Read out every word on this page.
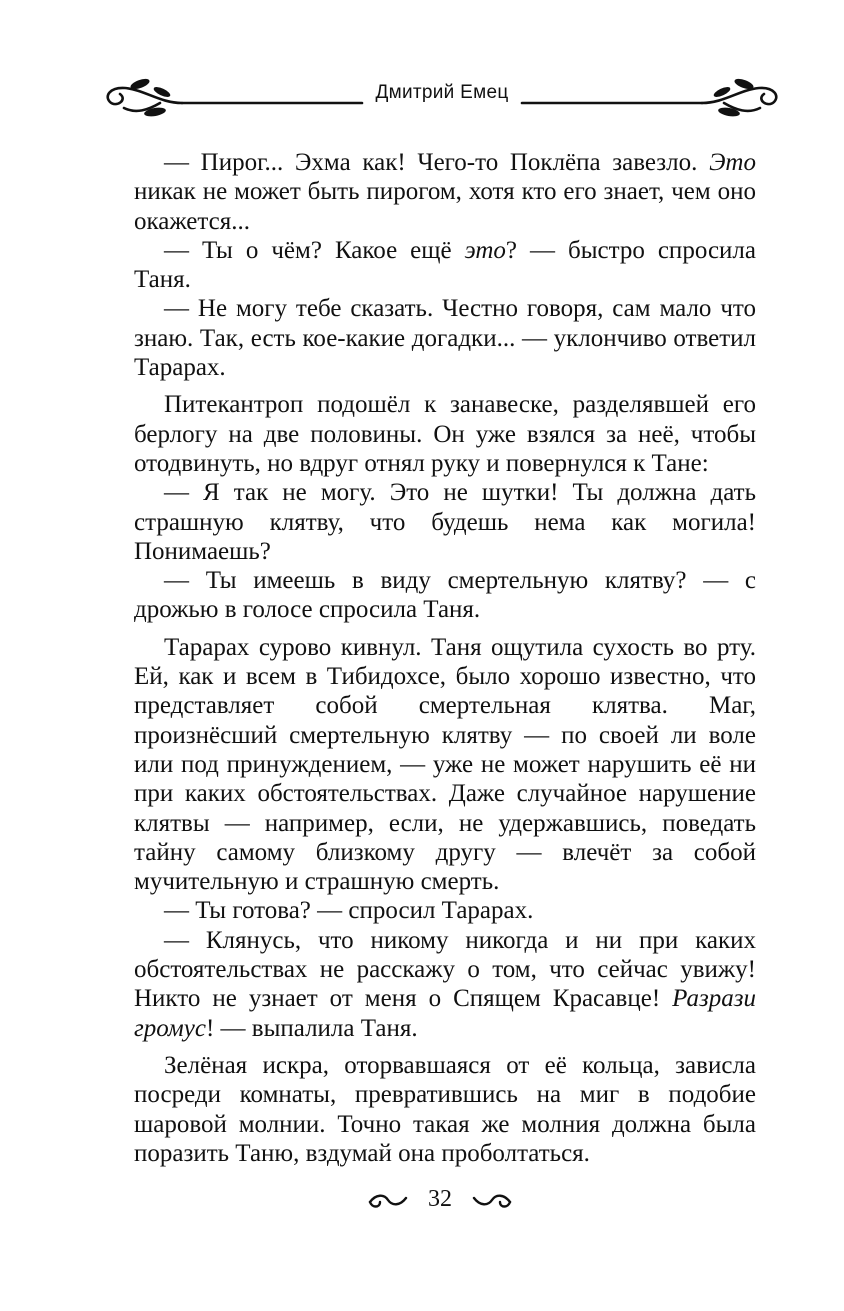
Дмитрий Емец

— Пирог... Эхма как! Чего-то Поклёпа завезло. Это никак не может быть пирогом, хотя кто его знает, чем оно окажется...

— Ты о чём? Какое ещё это? — быстро спросила Таня.

— Не могу тебе сказать. Честно говоря, сам мало что знаю. Так, есть кое-какие догадки... — уклончиво ответил Тарарах.

Питекантроп подошёл к занавеске, разделявшей его берлогу на две половины. Он уже взялся за неё, чтобы отодвинуть, но вдруг отнял руку и повернулся к Тане:

— Я так не могу. Это не шутки! Ты должна дать страшную клятву, что будешь нема как могила! Понимаешь?

— Ты имеешь в виду смертельную клятву? — с дрожью в голосе спросила Таня.

Тарарах сурово кивнул. Таня ощутила сухость во рту. Ей, как и всем в Тибидохсе, было хорошо известно, что представляет собой смертельная клятва. Маг, произнёсший смертельную клятву — по своей ли воле или под принуждением, — уже не может нарушить её ни при каких обстоятельствах. Даже случайное нарушение клятвы — например, если, не удержавшись, поведать тайну самому близкому другу — влечёт за собой мучительную и страшную смерть.

— Ты готова? — спросил Тарарах.

— Клянусь, что никому никогда и ни при каких обстоятельствах не расскажу о том, что сейчас увижу! Никто не узнает от меня о Спящем Красавце! Разрази громус! — выпалила Таня.

Зелёная искра, оторвавшаяся от её кольца, зависла посреди комнаты, превратившись на миг в подобие шаровой молнии. Точно такая же молния должна была поразить Таню, вздумай она проболтаться.

32
